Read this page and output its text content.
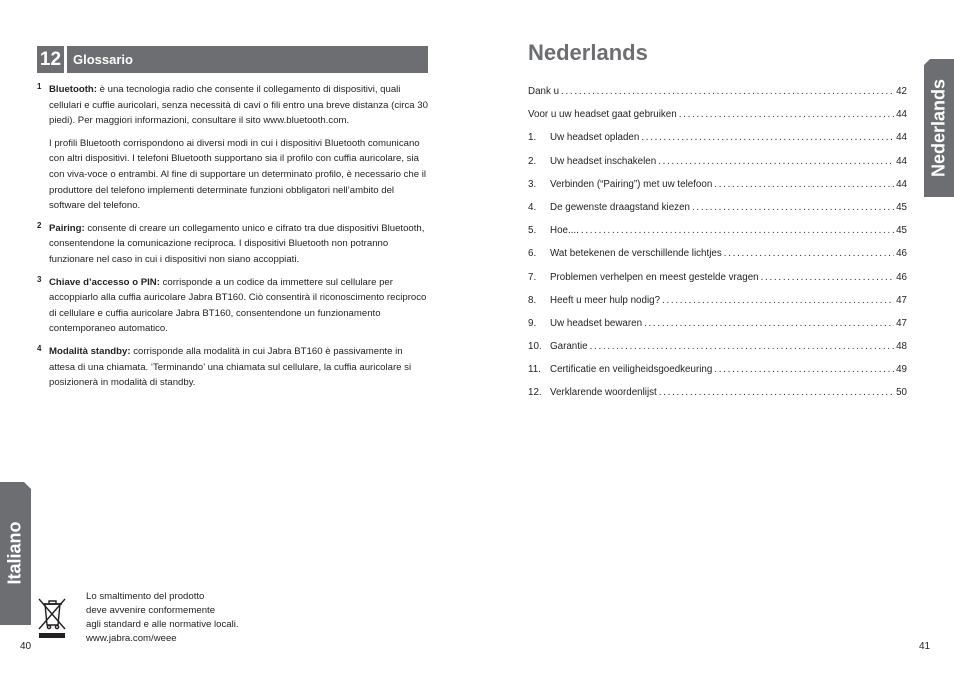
12 Glossario
1 Bluetooth: è una tecnologia radio che consente il collegamento di dispositivi, quali cellulari e cuffie auricolari, senza necessità di cavi o fili entro una breve distanza (circa 30 piedi). Per maggiori informazioni, consultare il sito www.bluetooth.com.

I profili Bluetooth corrispondono ai diversi modi in cui i dispositivi Bluetooth comunicano con altri dispositivi. I telefoni Bluetooth supportano sia il profilo con cuffia auricolare, sia con viva-voce o entrambi. Al fine di supportare un determinato profilo, è necessario che il produttore del telefono implementi determinate funzioni obbligatori nell’ambito del software del telefono.

2 Pairing: consente di creare un collegamento unico e cifrato tra due dispositivi Bluetooth, consentendone la comunicazione reciproca. I dispositivi Bluetooth non potranno funzionare nel caso in cui i dispositivi non siano accoppiati.

3 Chiave d’accesso o PIN: corrisponde a un codice da immettere sul cellulare per accoppiarlo alla cuffia auricolare Jabra BT160. Ciò consentirà il riconoscimento reciproco di cellulare e cuffia auricolare Jabra BT160, consentendone un funzionamento contemporaneo automatico.

4 Modalità standby: corrisponde alla modalità in cui Jabra BT160 è passivamente in attesa di una chiamata. ‘Terminando’ una chiamata sul cellulare, la cuffia auricolare si posizionerà in modalità di standby.

Italiano
Lo smaltimento del prodotto
deve avvenire conformemente
agli standard e alle normative locali.
www.jabra.com/weee
40
Nederlands
Dank u . . .	42
Voor u uw headset gaat gebruiken . . .	44
1.	Uw headset opladen . . .	44
2.	Uw headset inschakelen . . .	44
3.	Verbinden (“Pairing”) met uw telefoon . . .	44
4.	De gewenste draagstand kiezen . . .	45
5.	Hoe.... . . .	45
6.	Wat betekenen de verschillende lichtjes . . .	46
7.	Problemen verhelpen en meest gestelde vragen . . .	46
8.	Heeft u meer hulp nodig? . . .	47
9.	Uw headset bewaren . . .	47
10. Garantie . . .	48
11. Certificatie en veiligheidsgoedkeuring . . .	49
12. Verklarende woordenlijst . . .	50
Nederlands
41
